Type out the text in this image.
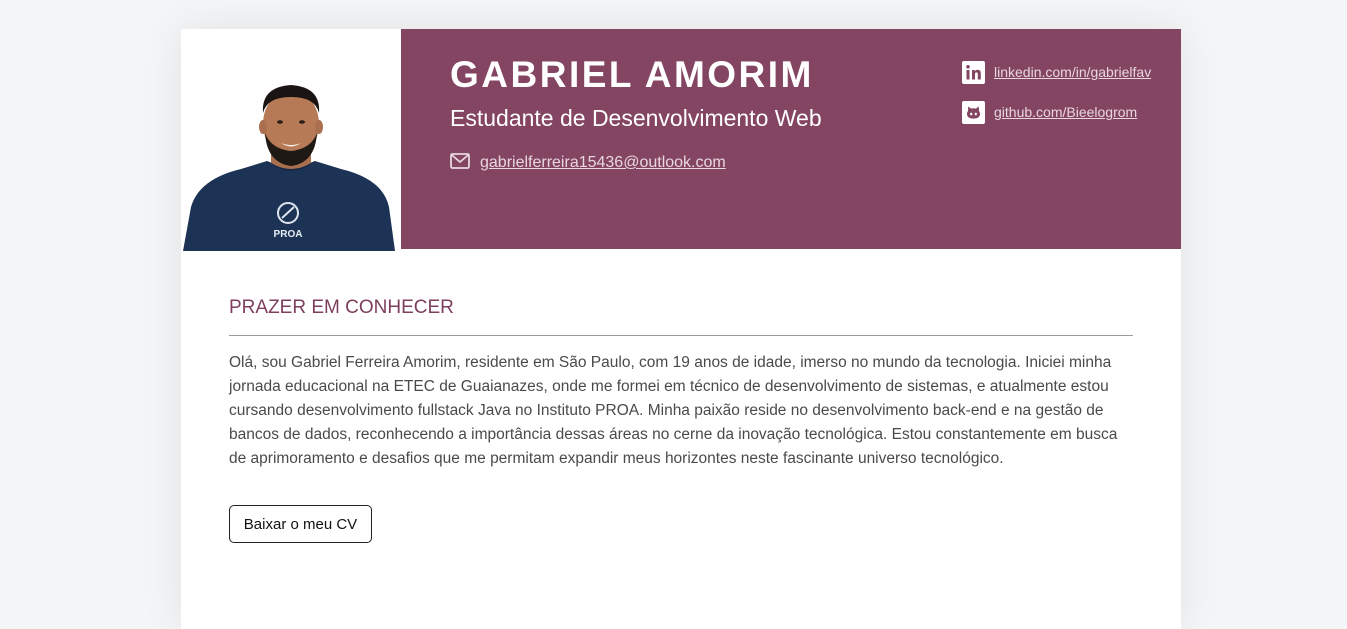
PROA
GABRIEL AMORIM
Estudante de Desenvolvimento Web
gabrielferreira15436@outlook.com
linkedin.com/in/gabrielfav
github.com/Bieelogrom
PRAZER EM CONHECER

Olá, sou Gabriel Ferreira Amorim, residente em São Paulo, com 19 anos de idade, imerso no mundo da tecnologia. Iniciei minha jornada educacional na ETEC de Guaianazes, onde me formei em técnico de desenvolvimento de sistemas, e atualmente estou cursando desenvolvimento fullstack Java no Instituto PROA. Minha paixão reside no desenvolvimento back-end e na gestão de bancos de dados, reconhecendo a importância dessas áreas no cerne da inovação tecnológica. Estou constantemente em busca de aprimoramento e desafios que me permitam expandir meus horizontes neste fascinante universo tecnológico.

Baixar o meu CV
